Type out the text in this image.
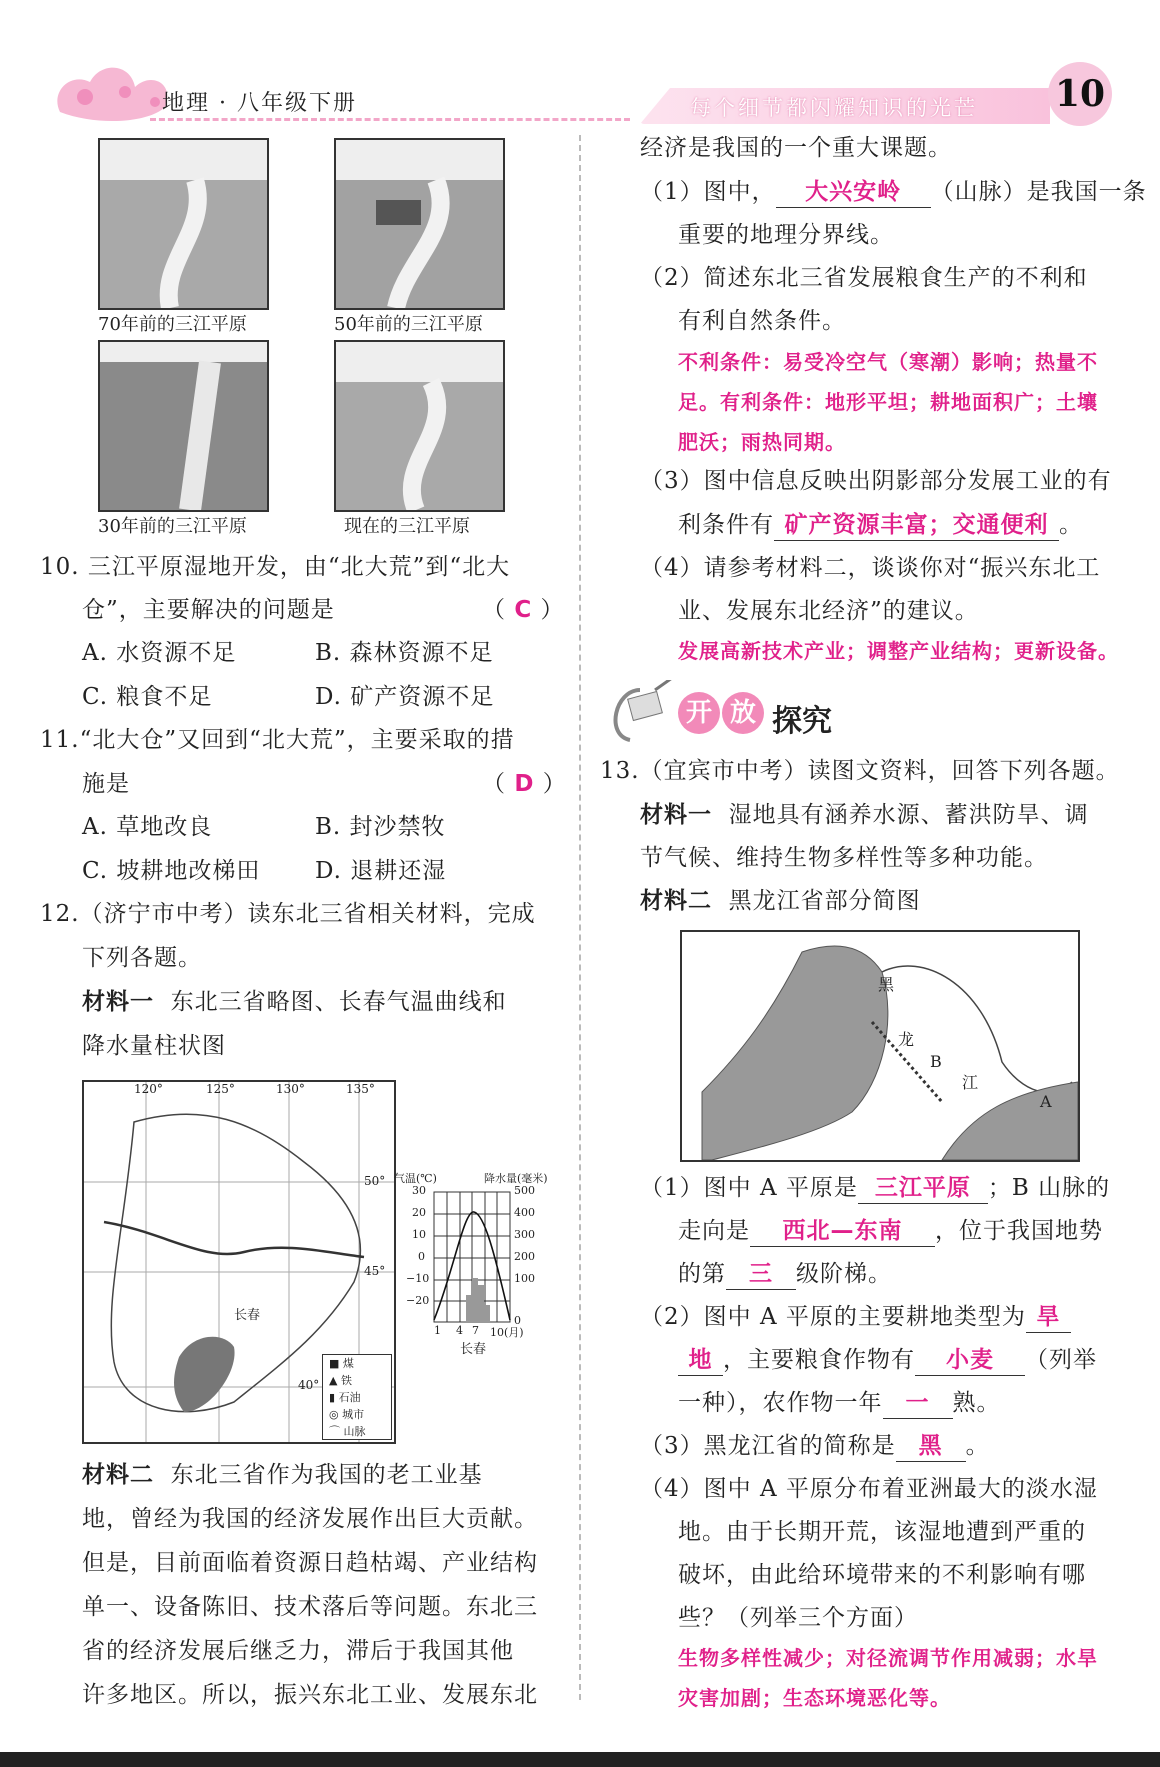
地理 · 八年级下册	每个细节都闪耀知识的光芒 10
70年前的三江平原	50年前的三江平原
30年前的三江平原	现在的三江平原
10. 三江平原湿地开发，由“北大荒”到“北大
仓”，主要解决的问题是	（ C ）
A. 水资源不足	B. 森林资源不足
C. 粮食不足	D. 矿产资源不足
11.“北大仓”又回到“北大荒”，主要采取的措
施是	（ D ）
A. 草地改良	B. 封沙禁牧
C. 坡耕地改梯田 D. 退耕还湿
12.（济宁市中考）读东北三省相关材料，完成
下列各题。
材料一 东北三省略图、长春气温曲线和
降水量柱状图
120°	125°	130°	135°
50°
45°
40°
长春
■ 煤
▲ 铁
▮ 石油
◎ 城市
⌒ 山脉
气温(℃)	降水量(毫米)
30
20
10
0
−10
−20
500
400
300
200
100
0
1 4 7 10(月)
长春
材料二 东北三省作为我国的老工业基
地，曾经为我国的经济发展作出巨大贡献。
但是，目前面临着资源日趋枯竭、产业结构
单一、设备陈旧、技术落后等问题。东北三
省的经济发展后继乏力，滞后于我国其他
许多地区。所以，振兴东北工业、发展东北
经济是我国的一个重大课题。
（1）图中， 大兴安岭 （山脉）是我国一条
重要的地理分界线。
（2）简述东北三省发展粮食生产的不利和
有利自然条件。
不利条件：易受冷空气（寒潮）影响；热量不
足。有利条件：地形平坦；耕地面积广；土壤
肥沃；雨热同期。
（3）图中信息反映出阴影部分发展工业的有
利条件有 矿产资源丰富；交通便利 。
（4）请参考材料二，谈谈你对“振兴东北工
业、发展东北经济”的建议。
发展高新技术产业；调整产业结构；更新设备。
开 放 探究
13.（宜宾市中考）读图文资料，回答下列各题。
材料一 湿地具有涵养水源、蓄洪防旱、调
节气候、维持生物多样性等多种功能。
材料二 黑龙江省部分简图
黑
龙
B
江
A
（1）图中 A 平原是 三江平原 ；B 山脉的
走向是 西北—东南 ，位于我国地势
的第 三 级阶梯。
（2）图中 A 平原的主要耕地类型为 旱
地 ，主要粮食作物有 小麦 （列举
一种），农作物一年 一 熟。
（3）黑龙江省的简称是 黑 。
（4）图中 A 平原分布着亚洲最大的淡水湿
地。由于长期开荒，该湿地遭到严重的
破坏，由此给环境带来的不利影响有哪
些？（列举三个方面）
生物多样性减少；对径流调节作用减弱；水旱
灾害加剧；生态环境恶化等。
